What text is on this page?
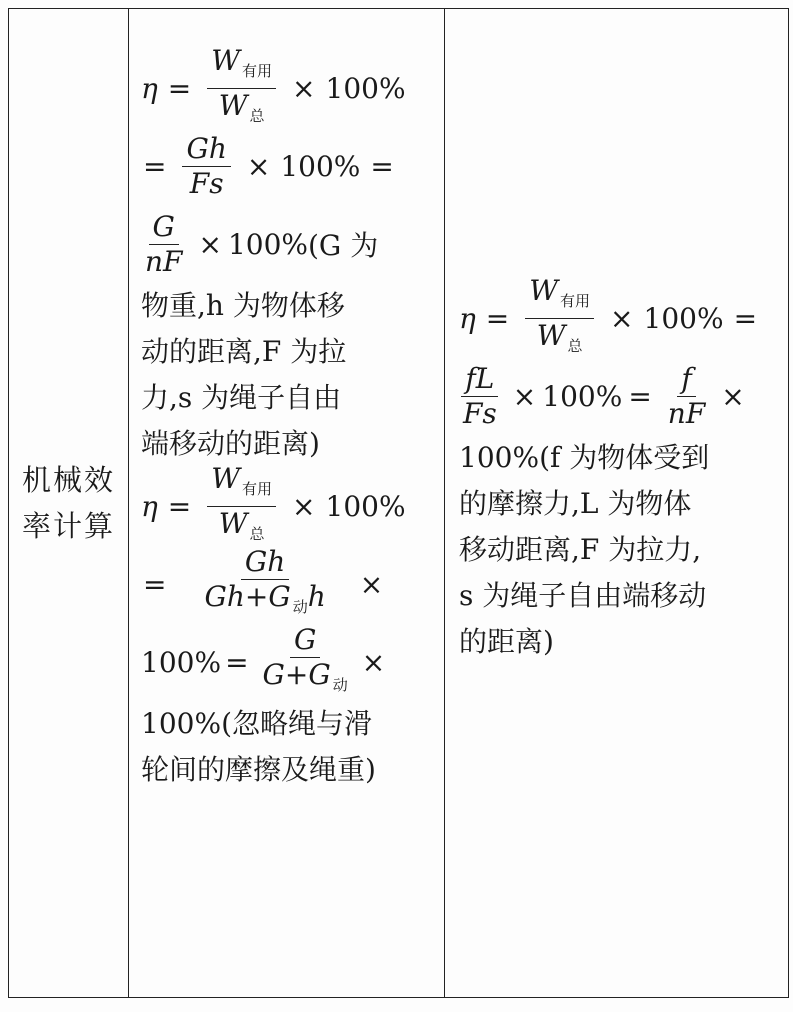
机械效
率计算
$\eta = \frac{W _{有用}}{W _总} \times 100\%$
= $\frac{Gh}{Fs} \times 100\%$ =
$\frac{G}{nF} \times 100\%$ (G 为
物重,h 为物体移
动的距离,F 为拉
力,s 为绳子自由
端移动的距离)
$\eta = \frac{W _{有用}}{W _总} \times 100\%$
= $\frac{Gh}{Gh+G _动h}$ ×
$100\% = \frac{G}{G+G _动}$ ×
100% (忽略绳与滑
轮间的摩擦及绳重)
$\eta = \frac{W _{有用}}{W _总} \times 100\%$ =
$\frac{fL}{Fs} \times 100\% = \frac{f}{nF}$ ×
100% (f 为物体受到
的摩擦力,L 为物体
移动距离,F 为拉力,
s 为绳子自由端移动
的距离)
